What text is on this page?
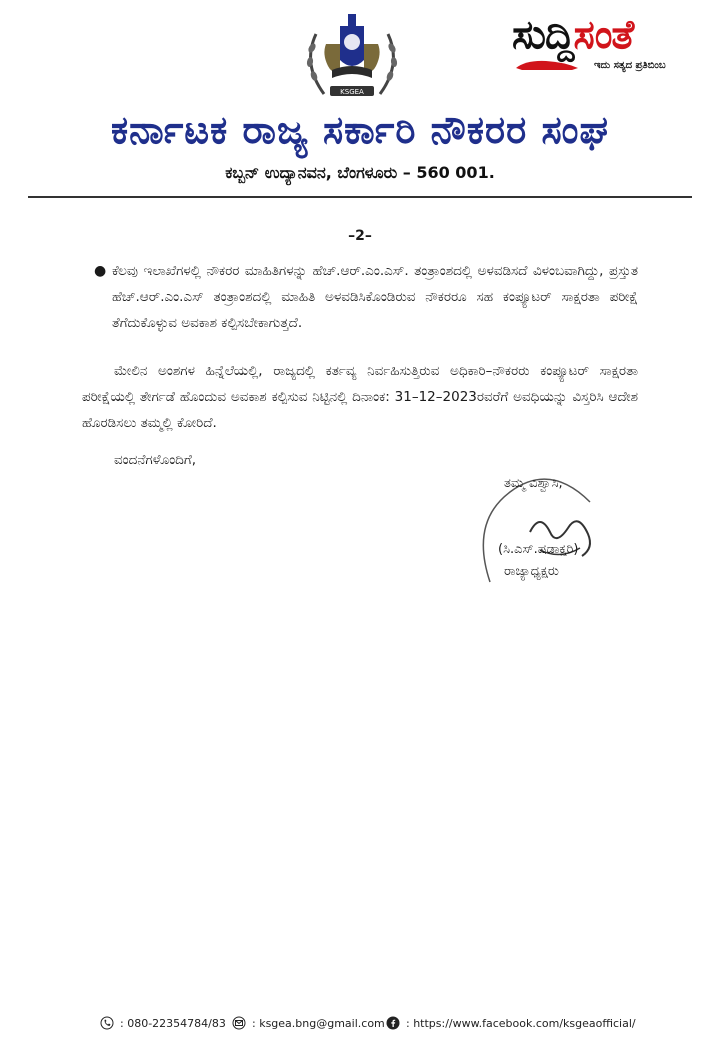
KSGEA
ಸುದ್ದಿಸಂತೆ
ಇದು ಸತ್ಯದ ಪ್ರತಿಬಿಂಬ
ಕರ್ನಾಟಕ ರಾಜ್ಯ ಸರ್ಕಾರಿ ನೌಕರರ ಸಂಘ
ಕಬ್ಬನ್ ಉದ್ಯಾನವನ, ಬೆಂಗಳೂರು – 560 001.
–2–
● ಕೆಲವು ಇಲಾಖೆಗಳಲ್ಲಿ ನೌಕರರ ಮಾಹಿತಿಗಳನ್ನು ಹೆಚ್.ಆರ್.ಎಂ.ಎಸ್. ತಂತ್ರಾಂಶದಲ್ಲಿ ಅಳವಡಿಸದೆ ವಿಳಂಬವಾಗಿದ್ದು, ಪ್ರಸ್ತುತ ಹೆಚ್.ಆರ್.ಎಂ.ಎಸ್ ತಂತ್ರಾಂಶದಲ್ಲಿ ಮಾಹಿತಿ ಅಳವಡಿಸಿಕೊಂಡಿರುವ ನೌಕರರೂ ಸಹ ಕಂಪ್ಯೂಟರ್ ಸಾಕ್ಷರತಾ ಪರೀಕ್ಷೆ ತೆಗೆದುಕೊಳ್ಳುವ ಅವಕಾಶ ಕಲ್ಪಿಸಬೇಕಾಗುತ್ತದೆ.
ಮೇಲಿನ ಅಂಶಗಳ ಹಿನ್ನೆಲೆಯಲ್ಲಿ, ರಾಜ್ಯದಲ್ಲಿ ಕರ್ತವ್ಯ ನಿರ್ವಹಿಸುತ್ತಿರುವ ಅಧಿಕಾರಿ–ನೌಕರರು ಕಂಪ್ಯೂಟರ್ ಸಾಕ್ಷರತಾ ಪರೀಕ್ಷೆಯಲ್ಲಿ ತೇರ್ಗಡೆ ಹೊಂದುವ ಅವಕಾಶ ಕಲ್ಪಿಸುವ ನಿಟ್ಟಿನಲ್ಲಿ ದಿನಾಂಕ: 31–12–2023ರವರೆಗೆ ಅವಧಿಯನ್ನು ವಿಸ್ತರಿಸಿ ಆದೇಶ ಹೊರಡಿಸಲು ತಮ್ಮಲ್ಲಿ ಕೋರಿದೆ.
ವಂದನೆಗಳೊಂದಿಗೆ,
ತಮ್ಮ ವಿಶ್ವಾಸಿ,
(ಸಿ.ಎಸ್.ಷಡಾಕ್ಷರಿ)
ರಾಜ್ಯಾಧ್ಯಕ್ಷರು
: 080-22354784/83 : ksgea.bng@gmail.com : https://www.facebook.com/ksgeaofficial/
